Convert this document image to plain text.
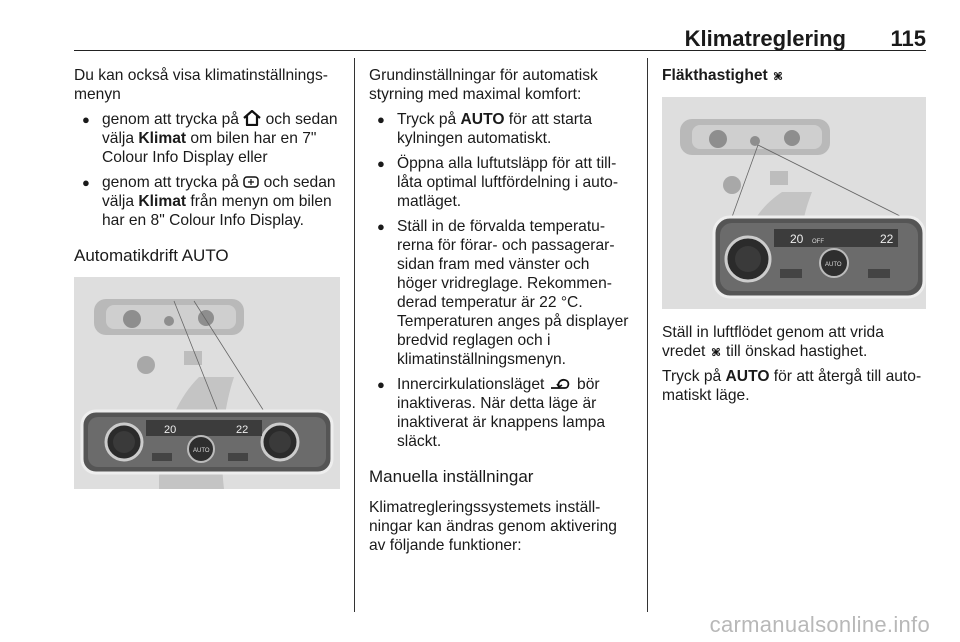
Klimatreglering 115

Du kan också visa klimatinställnings-menyn

● genom att trycka på  och sedan välja Klimat om bilen har en 7" Colour Info Display eller
● genom att trycka på  och sedan välja Klimat från menyn om bilen har en 8" Colour Info Display.
Automatikdrift AUTO
20	22
AUTO

Grundinställningar för automatisk styrning med maximal komfort:

● Tryck på AUTO för att starta kylningen automatiskt.
● Öppna alla luftutsläpp för att till-låta optimal luftfördelning i auto-matläget.
● Ställ in de förvalda temperatu-rerna för förar- och passagerar-sidan fram med vänster och höger vridreglage. Rekommen-derad temperatur är 22 °C. Temperaturen anges på displayer bredvid reglagen och i klimatinställningsmenyn.
● Innercirkulationsläget  bör inaktiveras. När detta läge är inaktiverat är knappens lampa släckt.
Manuella inställningar

Klimatregleringssystemets inställ-ningar kan ändras genom aktivering av följande funktioner:

Fläkthastighet
20 OFF	22
AUTO

Ställ in luftflödet genom att vrida vredet  till önskad hastighet.

Tryck på AUTO för att återgå till auto-matiskt läge.

carmanualsonline.info
